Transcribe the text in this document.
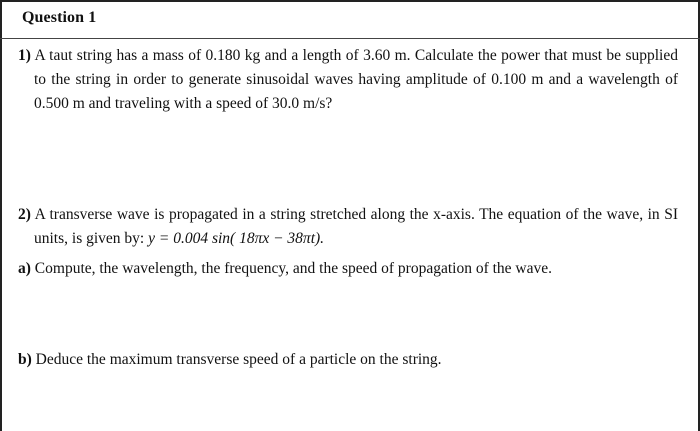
Question 1
1) A taut string has a mass of 0.180 kg and a length of 3.60 m. Calculate the power that must be supplied to the string in order to generate sinusoidal waves having amplitude of 0.100 m and a wavelength of 0.500 m and traveling with a speed of 30.0 m/s?
2) A transverse wave is propagated in a string stretched along the x-axis. The equation of the wave, in SI units, is given by: y = 0.004 sin( 18πx − 38πt).
a) Compute, the wavelength, the frequency, and the speed of propagation of the wave.
b) Deduce the maximum transverse speed of a particle on the string.
